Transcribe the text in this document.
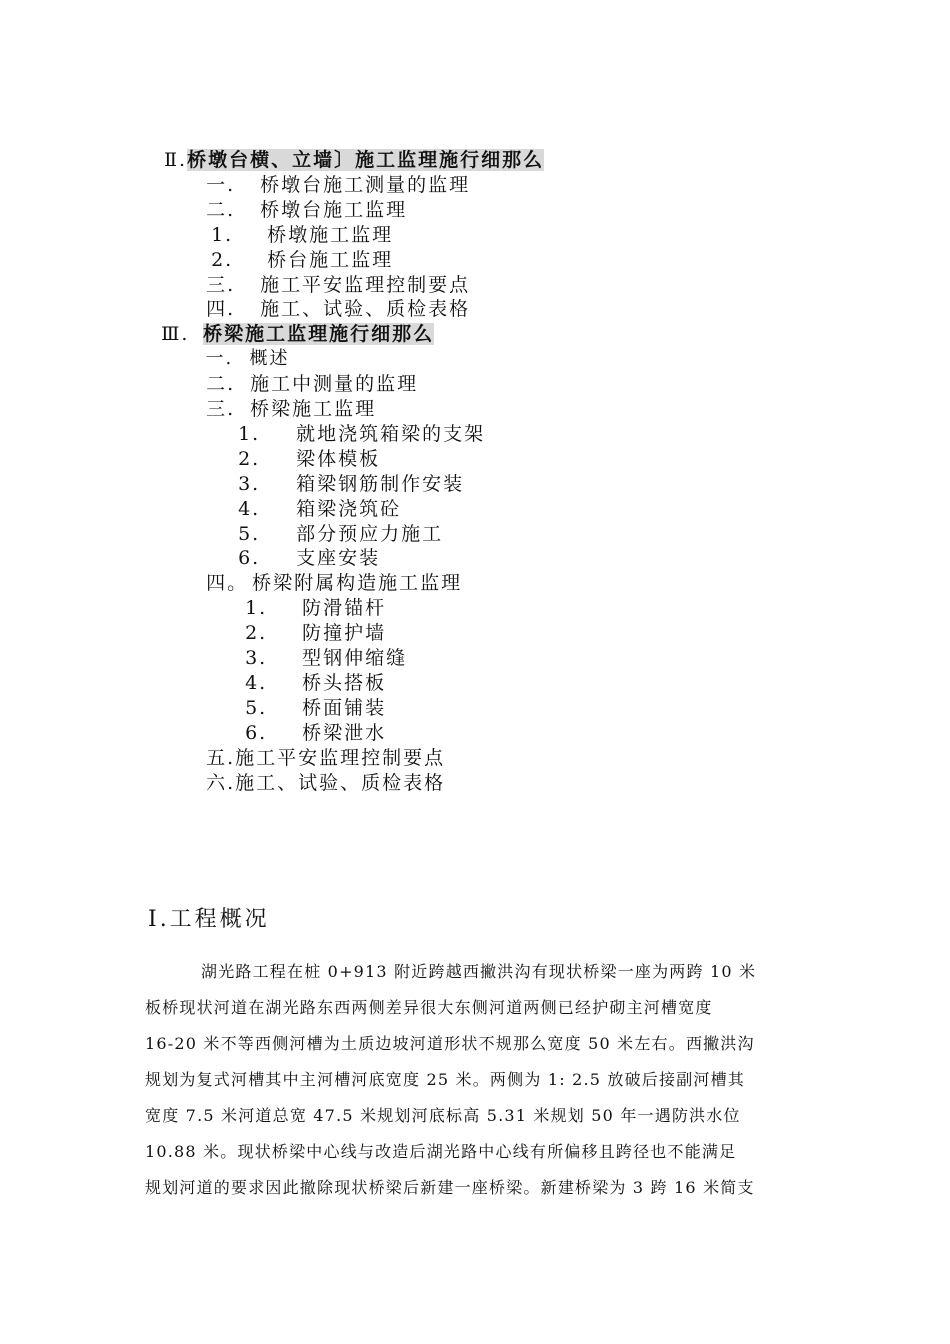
Ⅱ.桥墩台横、立墙〕施工监理施行细那么

一. 桥墩台施工测量的监理

二. 桥墩台施工监理

1. 桥墩施工监理

2. 桥台施工监理

三. 施工平安监理控制要点

四. 施工、试验、质检表格

Ⅲ. 桥梁施工监理施行细那么

一. 概述

二. 施工中测量的监理

三. 桥梁施工监理

1. 就地浇筑箱梁的支架

2. 梁体模板

3. 箱梁钢筋制作安装

4. 箱梁浇筑砼

5. 部分预应力施工

6. 支座安装

四。 桥梁附属构造施工监理

1. 防滑锚杆

2. 防撞护墙

3. 型钢伸缩缝

4. 桥头搭板

5. 桥面铺装

6. 桥梁泄水

五.施工平安监理控制要点

六.施工、试验、质检表格

Ⅰ.工程概况
湖光路工程在桩 0+913 附近跨越西撇洪沟有现状桥梁一座为两跨 10 米
板桥现状河道在湖光路东西两侧差异很大东侧河道两侧已经护砌主河槽宽度
16-20 米不等西侧河槽为土质边坡河道形状不规那么宽度 50 米左右。西撇洪沟
规划为复式河槽其中主河槽河底宽度 25 米。两侧为 1: 2.5 放破后接副河槽其
宽度 7.5 米河道总宽 47.5 米规划河底标高 5.31 米规划 50 年一遇防洪水位
10.88 米。现状桥梁中心线与改造后湖光路中心线有所偏移且跨径也不能满足
规划河道的要求因此撤除现状桥梁后新建一座桥梁。新建桥梁为 3 跨 16 米简支
